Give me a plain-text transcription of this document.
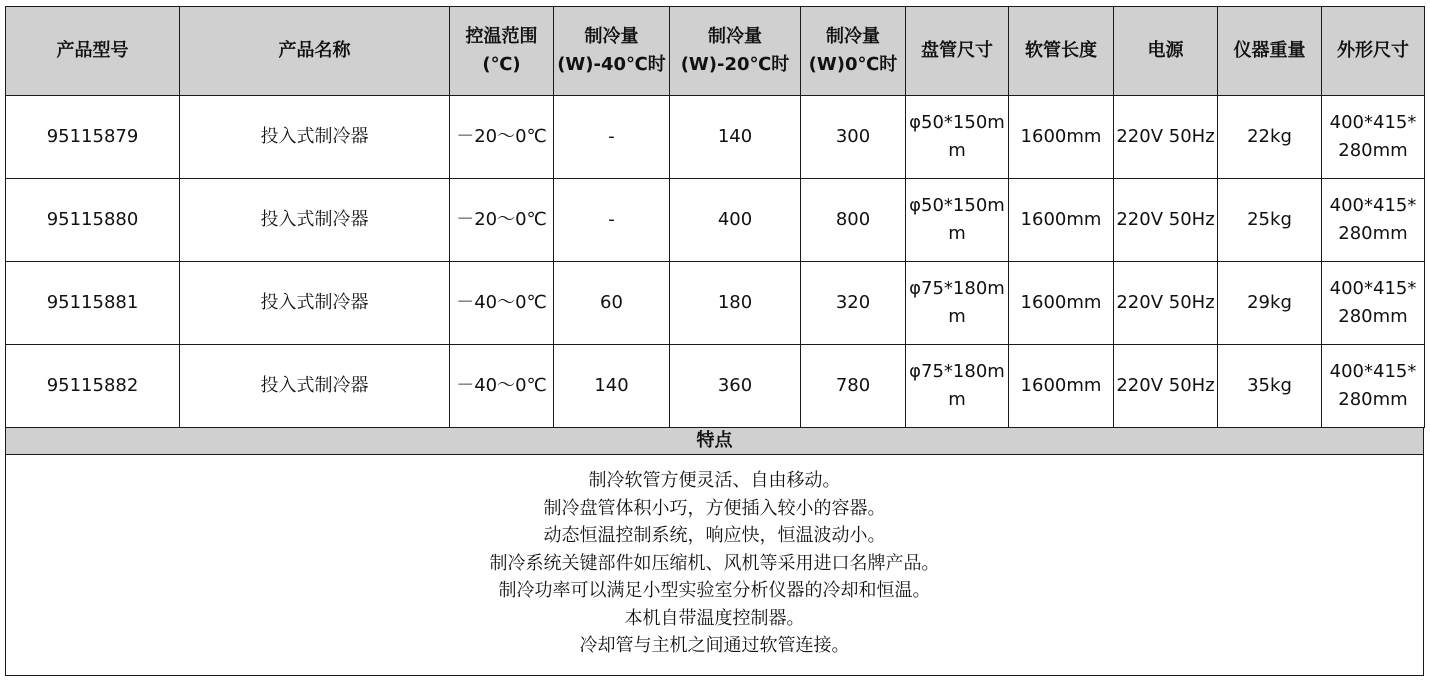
产品型号	产品名称	控温范围(℃)	制冷量(W)-40℃时	制冷量(W)-20℃时	制冷量(W)0℃时	盘管尺寸	软管长度	电源	仪器重量	外形尺寸
95115879	投入式制冷器	－20～0℃	-	140	300	φ50*150mm	1600mm	220V 50Hz	22kg	400*415*280mm
95115880	投入式制冷器	－20～0℃	-	400	800	φ50*150mm	1600mm	220V 50Hz	25kg	400*415*280mm
95115881	投入式制冷器	－40～0℃	60	180	320	φ75*180mm	1600mm	220V 50Hz	29kg	400*415*280mm
95115882	投入式制冷器	－40～0℃	140	360	780	φ75*180mm	1600mm	220V 50Hz	35kg	400*415*280mm
特点
制冷软管方便灵活、自由移动。
制冷盘管体积小巧，方便插入较小的容器。
动态恒温控制系统，响应快，恒温波动小。
制冷系统关键部件如压缩机、风机等采用进口名牌产品。
制冷功率可以满足小型实验室分析仪器的冷却和恒温。
本机自带温度控制器。
冷却管与主机之间通过软管连接。
